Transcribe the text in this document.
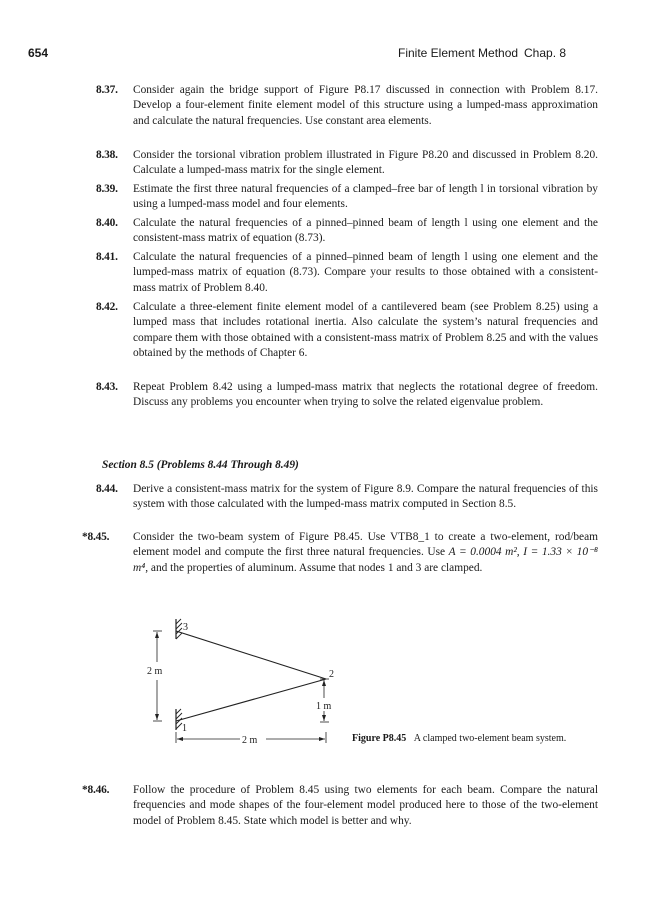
654	Finite Element Method Chap. 8
8.37. Consider again the bridge support of Figure P8.17 discussed in connection with Problem 8.17. Develop a four-element finite element model of this structure using a lumped-mass approximation and calculate the natural frequencies. Use constant area elements.
8.38. Consider the torsional vibration problem illustrated in Figure P8.20 and discussed in Problem 8.20. Calculate a lumped-mass matrix for the single element.
8.39. Estimate the first three natural frequencies of a clamped–free bar of length l in torsional vibration by using a lumped-mass model and four elements.
8.40. Calculate the natural frequencies of a pinned–pinned beam of length l using one element and the consistent-mass matrix of equation (8.73).
8.41. Calculate the natural frequencies of a pinned–pinned beam of length l using one element and the lumped-mass matrix of equation (8.73). Compare your results to those obtained with a consistent-mass matrix of Problem 8.40.
8.42. Calculate a three-element finite element model of a cantilevered beam (see Problem 8.25) using a lumped mass that includes rotational inertia. Also calculate the system’s natural frequencies and compare them with those obtained with a consistent-mass matrix of Problem 8.25 and with the values obtained by the methods of Chapter 6.
8.43. Repeat Problem 8.42 using a lumped-mass matrix that neglects the rotational degree of freedom. Discuss any problems you encounter when trying to solve the related eigenvalue problem.
Section 8.5 (Problems 8.44 Through 8.49)
8.44. Derive a consistent-mass matrix for the system of Figure 8.9. Compare the natural frequencies of this system with those calculated with the lumped-mass matrix computed in Section 8.5.
*8.45. Consider the two-beam system of Figure P8.45. Use VTB8_1 to create a two-element, rod/beam element model and compute the first three natural frequencies. Use A = 0.0004 m², I = 1.33 × 10⁻⁸ m⁴, and the properties of aluminum. Assume that nodes 1 and 3 are clamped.
3
2
1
2 m
1 m
2 m	Figure P8.45 A clamped two-element beam system.
*8.46. Follow the procedure of Problem 8.45 using two elements for each beam. Compare the natural frequencies and mode shapes of the four-element model produced here to those of the two-element model of Problem 8.45. State which model is better and why.
